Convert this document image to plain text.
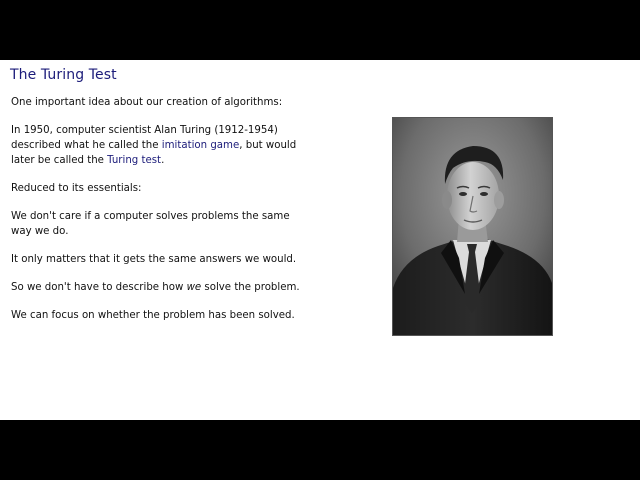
The Turing Test

One important idea about our creation of algorithms:

In 1950, computer scientist Alan Turing (1912-1954) described what he called the imitation game, but would later be called the Turing test.

Reduced to its essentials:

We don't care if a computer solves problems the same way we do.

It only matters that it gets the same answers we would.

So we don't have to describe how we solve the problem.

We can focus on whether the problem has been solved.
